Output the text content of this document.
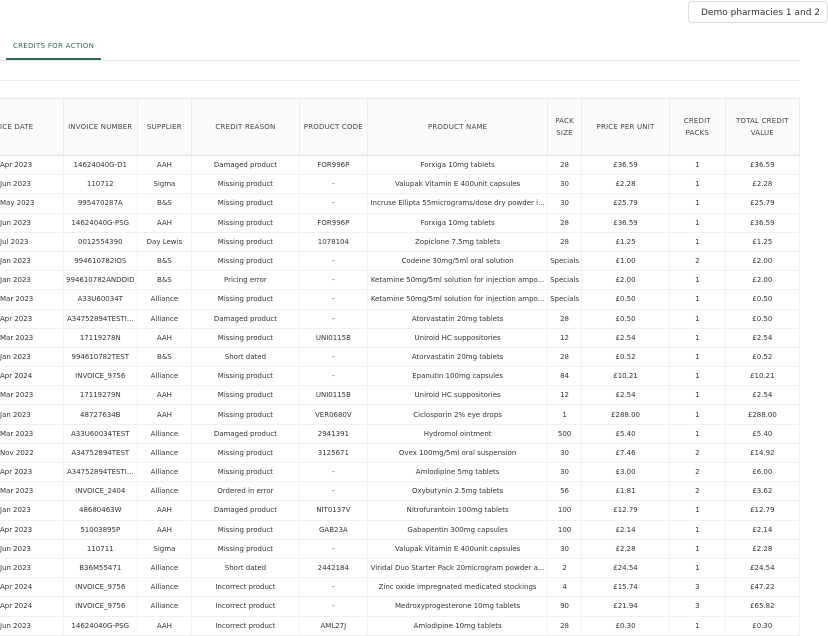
Demo pharmacies 1 and 2
CREDITS FOR ACTION
ICE DATE	INVOICE NUMBER	SUPPLIER	CREDIT REASON	PRODUCT CODE	PRODUCT NAME	PACK SIZE	PRICE PER UNIT	CREDIT PACKS	TOTAL CREDIT VALUE
Apr 2023	14624040G-D1	AAH	Damaged product	FOR996P	Forxiga 10mg tablets	28	£36.59	1	£36.59
Jun 2023	110712	Sigma	Missing product	-	Valupak Vitamin E 400unit capsules	30	£2.28	1	£2.28
May 2023	995470287A	B&S	Missing product	-	Incruse Ellipta 55micrograms/dose dry powder i...	30	£25.79	1	£25.79
Jun 2023	14624040G-PSG	AAH	Missing product	FOR996P	Forxiga 10mg tablets	28	£36.59	1	£36.59
Jul 2023	0012554390	Day Lewis	Missing product	1078104	Zopiclone 7.5mg tablets	28	£1.25	1	£1.25
Jan 2023	994610782IOS	B&S	Missing product	-	Codeine 30mg/5ml oral solution	Specials	£1.00	2	£2.00
Jan 2023	994610782ANDOID	B&S	Pricing error	-	Ketamine 50mg/5ml solution for injection ampo...	Specials	£2.00	1	£2.00
Mar 2023	A33U60034T	Alliance	Missing product	-	Ketamine 50mg/5ml solution for injection ampo...	Specials	£0.50	1	£0.50
Apr 2023	A34752894TESTI...	Alliance	Damaged product	-	Atorvastatin 20mg tablets	28	£0.50	1	£0.50
Mar 2023	17119278N	AAH	Missing product	UNI0115B	Uniroid HC suppositories	12	£2.54	1	£2.54
Jan 2023	994610782TEST	B&S	Short dated	-	Atorvastatin 20mg tablets	28	£0.52	1	£0.52
Apr 2024	INVOICE_9756	Alliance	Missing product	-	Epanutin 100mg capsules	84	£10.21	1	£10.21
Mar 2023	17119279N	AAH	Missing product	UNI0115B	Uniroid HC suppositories	12	£2.54	1	£2.54
Jan 2023	48727634B	AAH	Missing product	VER0680V	Ciclosporin 2% eye drops	1	£288.00	1	£288.00
Mar 2023	A33U60034TEST	Alliance	Damaged product	2941391	Hydromol ointment	500	£5.40	1	£5.40
Nov 2022	A34752894TEST	Alliance	Missing product	3125671	Ovex 100mg/5ml oral suspension	30	£7.46	2	£14.92
Apr 2023	A34752894TESTI...	Alliance	Missing product	-	Amlodipine 5mg tablets	30	£3.00	2	£6.00
Mar 2023	INVOICE_2404	Alliance	Ordered in error	-	Oxybutynin 2.5mg tablets	56	£1.81	2	£3.62
Jan 2023	48680463W	AAH	Damaged product	NIT0137V	Nitrofurantoin 100mg tablets	100	£12.79	1	£12.79
Apr 2023	51003895P	AAH	Missing product	GAB23A	Gabapentin 300mg capsules	100	£2.14	1	£2.14
Jun 2023	110711	Sigma	Missing product	-	Valupak Vitamin E 400unit capsules	30	£2.28	1	£2.28
Jun 2023	B36M55471	Alliance	Short dated	2442184	Viridal Duo Starter Pack 20microgram powder a...	2	£24.54	1	£24.54
Apr 2024	INVOICE_9756	Alliance	Incorrect product	-	Zinc oxide impregnated medicated stockings	4	£15.74	3	£47.22
Apr 2024	INVOICE_9756	Alliance	Incorrect product	-	Medroxyprogesterone 10mg tablets	90	£21.94	3	£65.82
Jun 2023	14624040G-PSG	AAH	Incorrect product	AML27J	Amlodipine 10mg tablets	28	£0.30	1	£0.30
